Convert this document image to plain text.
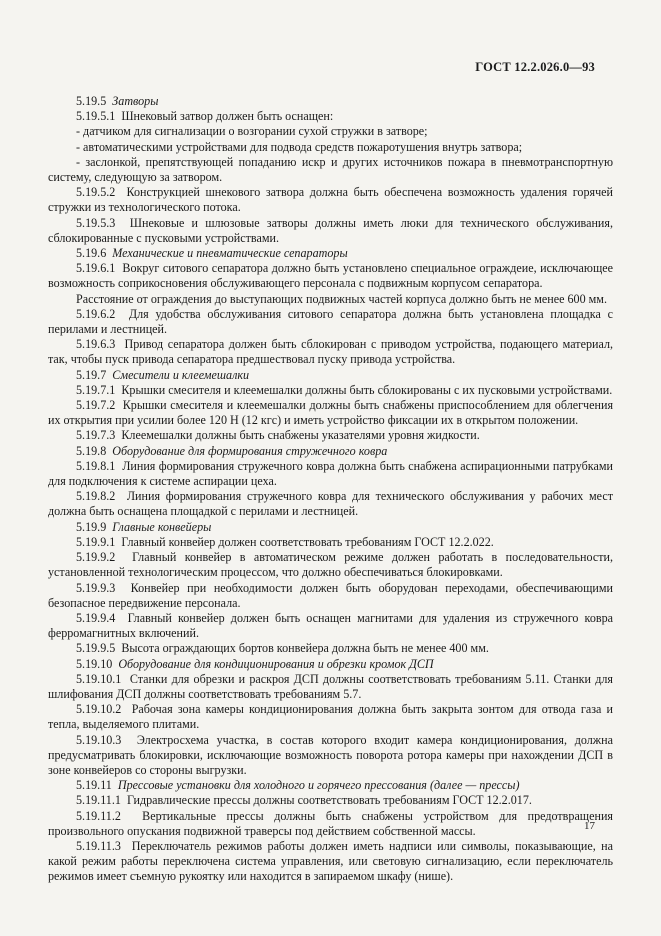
ГОСТ 12.2.026.0—93

5.19.5 Затворы

5.19.5.1 Шнековый затвор должен быть оснащен:

- датчиком для сигнализации о возгорании сухой стружки в затворе;

- автоматическими устройствами для подвода средств пожаротушения внутрь затвора;

- заслонкой, препятствующей попаданию искр и других источников пожара в пневмотранспортную систему, следующую за затвором.

5.19.5.2 Конструкцией шнекового затвора должна быть обеспечена возможность удаления горячей стружки из технологического потока.

5.19.5.3 Шнековые и шлюзовые затворы должны иметь люки для технического обслуживания, сблокированные с пусковыми устройствами.

5.19.6 Механические и пневматические сепараторы

5.19.6.1 Вокруг ситового сепаратора должно быть установлено специальное ограждеие, исключающее возможность соприкосновения обслуживающего персонала с подвижным корпусом сепаратора.

Расстояние от ограждения до выступающих подвижных частей корпуса должно быть не менее 600 мм.

5.19.6.2 Для удобства обслуживания ситового сепаратора должна быть установлена площадка с перилами и лестницей.

5.19.6.3 Привод сепаратора должен быть сблокирован с приводом устройства, подающего материал, так, чтобы пуск привода сепаратора предшествовал пуску привода устройства.

5.19.7 Смесители и клеемешалки

5.19.7.1 Крышки смесителя и клеемешалки должны быть сблокированы с их пусковыми устройствами.

5.19.7.2 Крышки смесителя и клеемешалки должны быть снабжены приспособлением для облегчения их открытия при усилии более 120 Н (12 кгс) и иметь устройство фиксации их в открытом положении.

5.19.7.3 Клеемешалки должны быть снабжены указателями уровня жидкости.

5.19.8 Оборудование для формирования стружечного ковра

5.19.8.1 Линия формирования стружечного ковра должна быть снабжена аспирационными патрубками для подключения к системе аспирации цеха.

5.19.8.2 Линия формирования стружечного ковра для технического обслуживания у рабочих мест должна быть оснащена площадкой с перилами и лестницей.

5.19.9 Главные конвейеры

5.19.9.1 Главный конвейер должен соответствовать требованиям ГОСТ 12.2.022.

5.19.9.2 Главный конвейер в автоматическом режиме должен работать в последовательности, установленной технологическим процессом, что должно обеспечиваться блокировками.

5.19.9.3 Конвейер при необходимости должен быть оборудован переходами, обеспечивающими безопасное передвижение персонала.

5.19.9.4 Главный конвейер должен быть оснащен магнитами для удаления из стружечного ковра ферромагнитных включений.

5.19.9.5 Высота ограждающих бортов конвейера должна быть не менее 400 мм.

5.19.10 Оборудование для кондиционирования и обрезки кромок ДСП

5.19.10.1 Станки для обрезки и раскроя ДСП должны соответствовать требованиям 5.11. Станки для шлифования ДСП должны соответствовать требованиям 5.7.

5.19.10.2 Рабочая зона камеры кондиционирования должна быть закрыта зонтом для отвода газа и тепла, выделяемого плитами.

5.19.10.3 Электросхема участка, в состав которого входит камера кондиционирования, должна предусматривать блокировки, исключающие возможность поворота ротора камеры при нахождении ДСП в зоне конвейеров со стороны выгрузки.

5.19.11 Прессовые установки для холодного и горячего прессования (далее — прессы)

5.19.11.1 Гидравлические прессы должны соответствовать требованиям ГОСТ 12.2.017.

5.19.11.2 Вертикальные прессы должны быть снабжены устройством для предотвращения произвольного опускания подвижной траверсы под действием собственной массы.

5.19.11.3 Переключатель режимов работы должен иметь надписи или символы, показывающие, на какой режим работы переключена система управления, или световую сигнализацию, если переключатель режимов имеет съемную рукоятку или находится в запираемом шкафу (нише).

17
